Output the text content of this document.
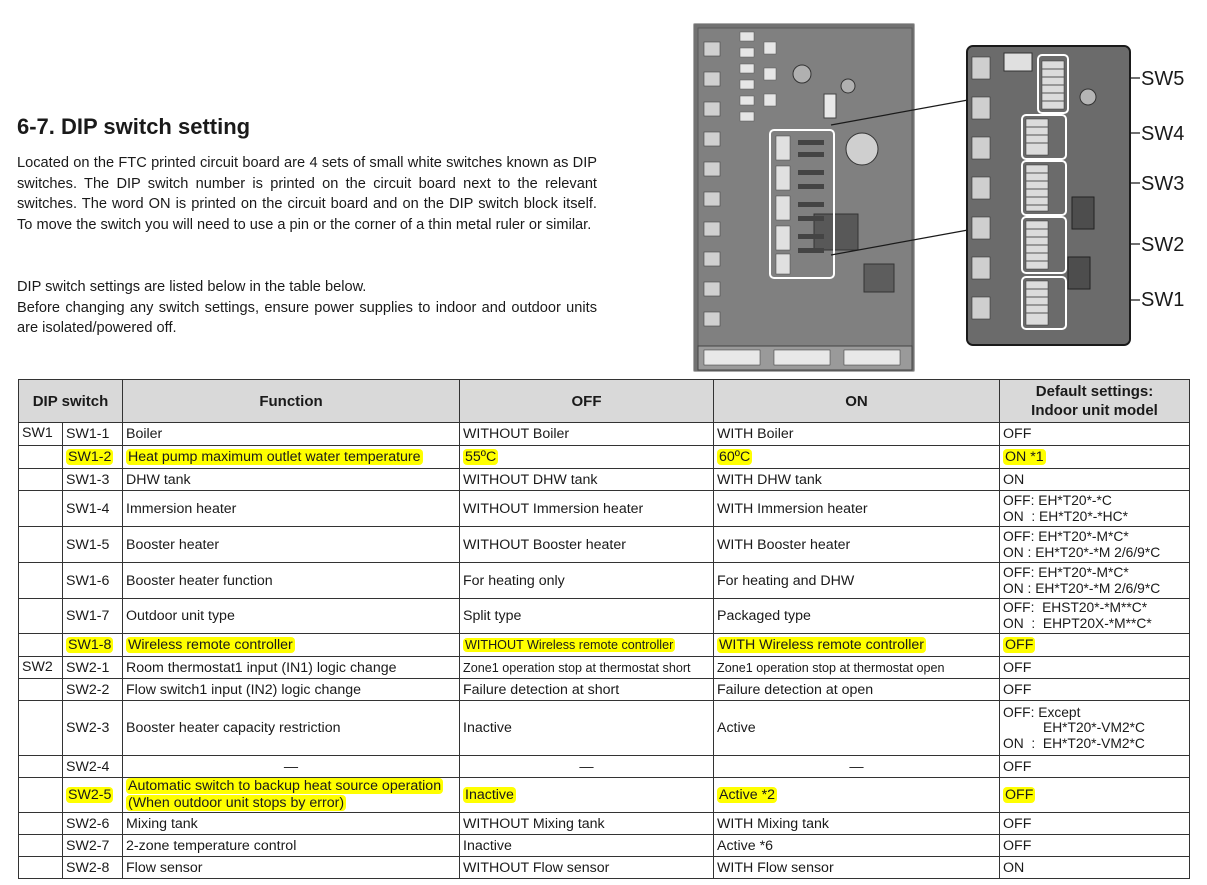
6-7. DIP switch setting

Located on the FTC printed circuit board are 4 sets of small white switches known as DIP switches. The DIP switch number is printed on the circuit board next to the relevant switches. The word ON is printed on the circuit board and on the DIP switch block itself. To move the switch you will need to use a pin or the corner of a thin metal ruler or similar.

DIP switch settings are listed below in the table below.
Before changing any switch settings, ensure power supplies to indoor and outdoor units are isolated/powered off.
SW5
SW4
SW3
SW2
SW1
DIP switch	Function	OFF	ON	Default settings:
Indoor unit model

SW1 SW1-1	Boiler	WITHOUT Boiler	WITH Boiler	OFF

SW1-2	Heat pump maximum outlet water temperature	55ºC	60ºC	ON *1

SW1-3	DHW tank	WITHOUT DHW tank	WITH DHW tank	ON

SW1-4	Immersion heater	WITHOUT Immersion heater	WITH Immersion heater	OFF: EH*T20*-*C
ON  : EH*T20*-*HC*

SW1-5	Booster heater	WITHOUT Booster heater	WITH Booster heater	OFF: EH*T20*-M*C*
ON : EH*T20*-*M 2/6/9*C

SW1-6	Booster heater function	For heating only	For heating and DHW	OFF: EH*T20*-M*C*
ON : EH*T20*-*M 2/6/9*C

SW1-7	Outdoor unit type	Split type	Packaged type	OFF:  EHST20*-*M**C*
ON  :  EHPT20X-*M**C*

SW1-8	Wireless remote controller	WITHOUT Wireless remote controller	WITH Wireless remote controller	OFF

SW2 SW2-1	Room thermostat1 input (IN1) logic change	Zone1 operation stop at thermostat short	Zone1 operation stop at thermostat open	OFF

SW2-2	Flow switch1 input (IN2) logic change	Failure detection at short	Failure detection at open	OFF

SW2-3	Booster heater capacity restriction	Inactive	Active	OFF: Except
EH*T20*-VM2*C
ON  :  EH*T20*-VM2*C

SW2-4	—	—	—	OFF

SW2-5	Automatic switch to backup heat source operation
(When outdoor unit stops by error)	Inactive	Active *2	OFF

SW2-6	Mixing tank	WITHOUT Mixing tank	WITH Mixing tank	OFF

SW2-7	2-zone temperature control	Inactive	Active *6	OFF

SW2-8	Flow sensor	WITHOUT Flow sensor	WITH Flow sensor	ON
